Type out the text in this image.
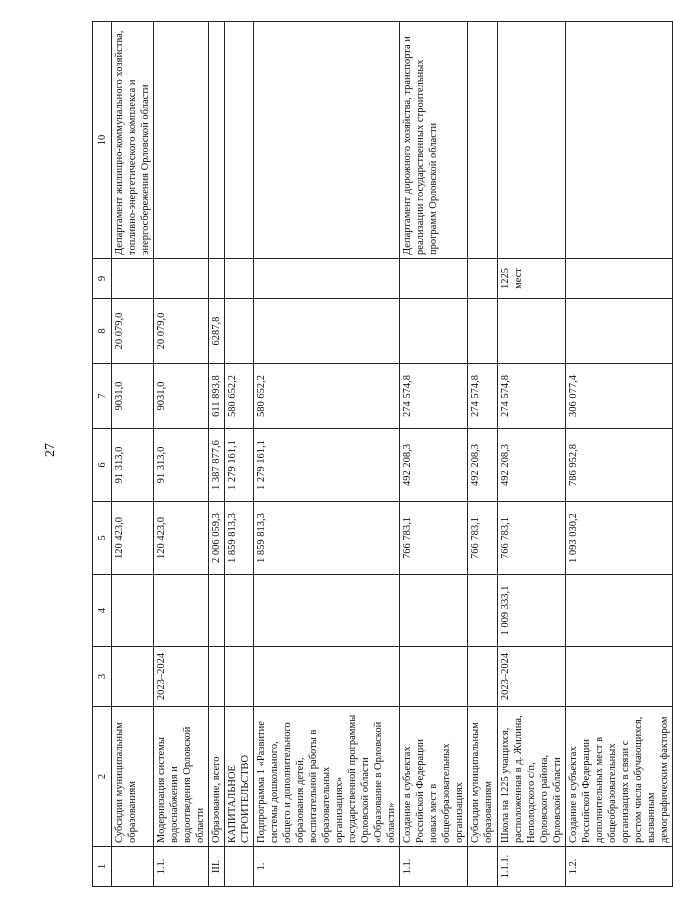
27
1	2	3	4	5	6	7	8	9	10
	Субсидии муниципальным образованиям			120 423,0	91 313,0	9031,0	20 079,0		Департамент жилищно-коммунального хозяйства, топливно-энергетического комплекса и энергосбережения Орловской области
1.1.	Модернизация системы водоснабжения и водоотведения Орловской области	2023–2024		120 423,0	91 313,0	9031,0	20 079,0		
III.	Образование, всего			2 006 059,3	1 387 877,6	611 893,8	6287,8		
	КАПИТАЛЬНОЕ СТРОИТЕЛЬСТВО			1 859 813,3	1 279 161,1	580 652,2			
1.	Подпрограмма 1 «Развитие системы дошкольного, общего и дополнительного образования детей, воспитательной работы в образовательных организациях» государственной программы Орловской области «Образование в Орловской области»			1 859 813,3	1 279 161,1	580 652,2			
1.1.	Создание в субъектах Российской Федерации новых мест в общеобразовательных организациях			766 783,1	492 208,3	274 574,8			Департамент дорожного хозяйства, транспорта и реализации государственных строительных программ Орловской области
	Субсидии муниципальным образованиям			766 783,1	492 208,3	274 574,8			
1.1.1.	Школа на 1225 учащихся, расположенная в д. Жилина, Неполодского с/п, Орловского района, Орловской области	2023–2024	1 009 333,1	766 783,1	492 208,3	274 574,8		1225 мест	
1.2.	Создание в субъектах Российской Федерации дополнительных мест в общеобразовательных организациях в связи с ростом числа обучающихся, вызванным демографическим фактором			1 093 030,2	786 952,8	306 077,4			
